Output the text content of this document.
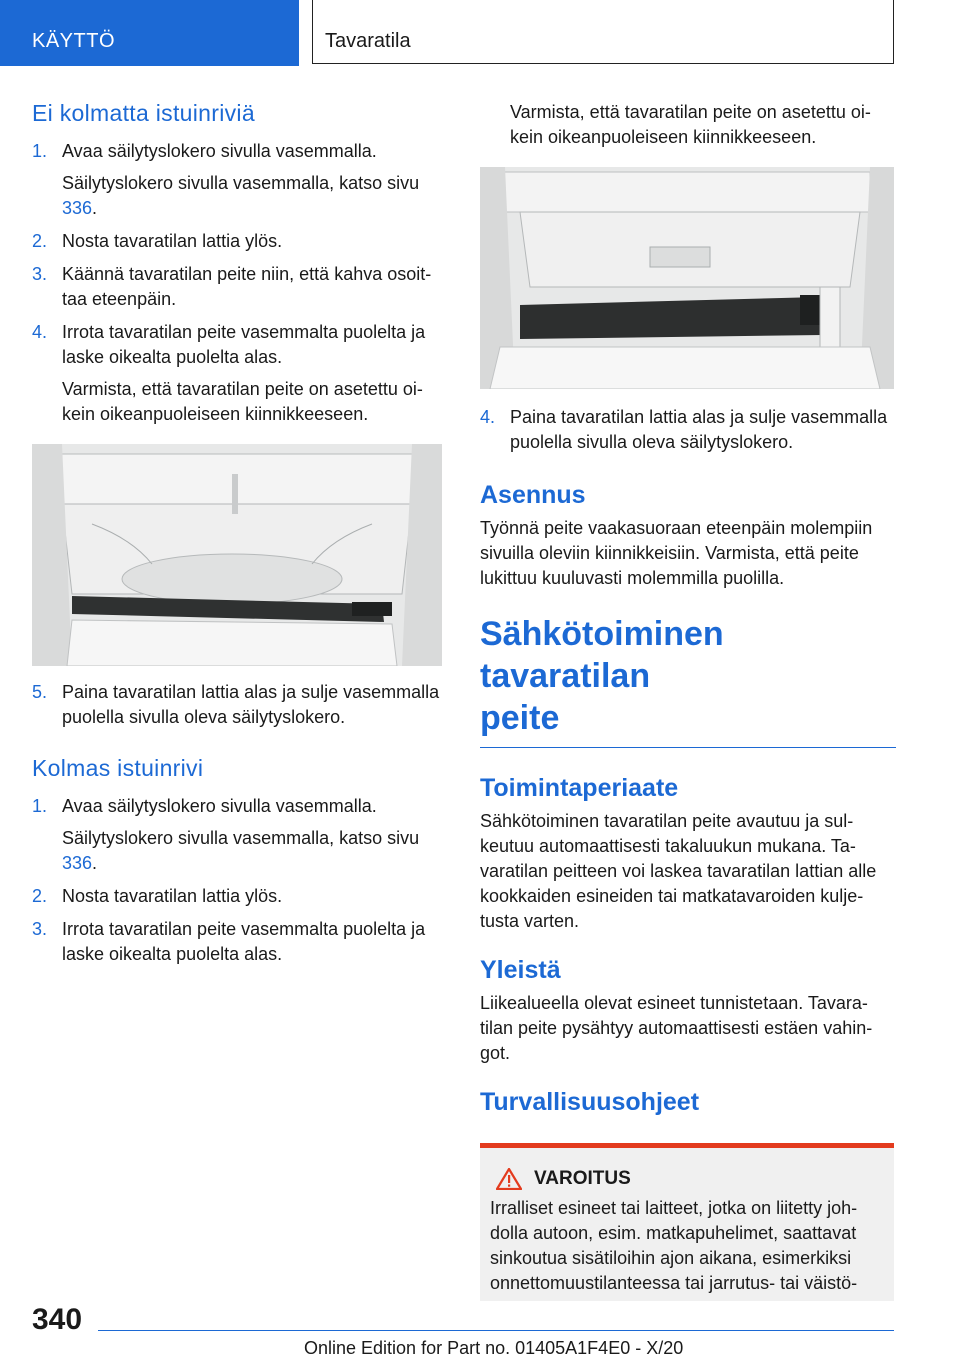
KÄYTTÖ	Tavaratila
Ei kolmatta istuinriviä
1. Avaa säilytyslokero sivulla vasemmalla.
Säilytyslokero sivulla vasemmalla, katso sivu 336.
2. Nosta tavaratilan lattia ylös.
3. Käännä tavaratilan peite niin, että kahva osoit-taa eteenpäin.
4. Irrota tavaratilan peite vasemmalta puolelta ja laske oikealta puolelta alas.
Varmista, että tavaratilan peite on asetettu oi-kein oikeanpuoleiseen kiinnikkeeseen.
5. Paina tavaratilan lattia alas ja sulje vasemmalla puolella sivulla oleva säilytyslokero.
Kolmas istuinrivi
1. Avaa säilytyslokero sivulla vasemmalla.
Säilytyslokero sivulla vasemmalla, katso sivu 336.
2. Nosta tavaratilan lattia ylös.
3. Irrota tavaratilan peite vasemmalta puolelta ja laske oikealta puolelta alas.

Varmista, että tavaratilan peite on asetettu oi-kein oikeanpuoleiseen kiinnikkeeseen.

4. Paina tavaratilan lattia alas ja sulje vasemmalla puolella sivulla oleva säilytyslokero.
Asennus

Työnnä peite vaakasuoraan eteenpäin molempiin sivuilla oleviin kiinnikkeisiin. Varmista, että peite lukittuu kuuluvasti molemmilla puolilla.

Sähkötoiminen tavaratilan
peite
Toimintaperiaate

Sähkötoiminen tavaratilan peite avautuu ja sul-keutuu automaattisesti takaluukun mukana. Ta-varatilan peitteen voi laskea tavaratilan lattian alle kookkaiden esineiden tai matkatavaroiden kulje-tusta varten.

Yleistä

Liikealueella olevat esineet tunnistetaan. Tavara-tilan peite pysähtyy automaattisesti estäen vahin-got.

Turvallisuusohjeet
VAROITUS

Irralliset esineet tai laitteet, jotka on liitetty joh-dolla autoon, esim. matkapuhelimet, saattavat sinkoutua sisätiloihin ajon aikana, esimerkiksi onnettomuustilanteessa tai jarrutus- tai väistö-

340
Online Edition for Part no. 01405A1F4E0 - X/20
